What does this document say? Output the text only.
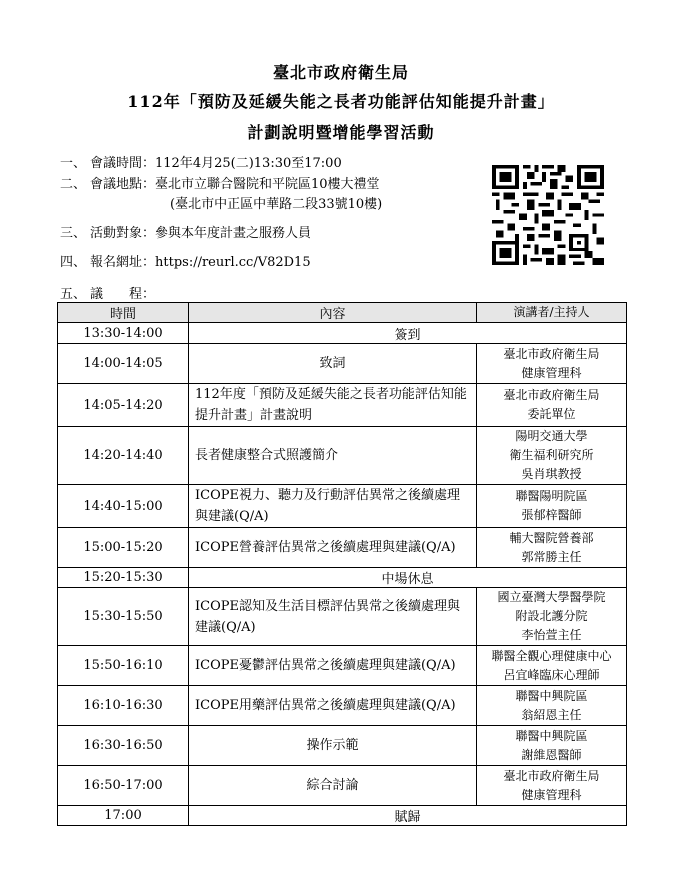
臺北市政府衛生局
112年「預防及延緩失能之長者功能評估知能提升計畫」
計劃說明暨增能學習活動
一、 會議時間：112年4月25(二)13:30至17:00
二、 會議地點：臺北市立聯合醫院和平院區10樓大禮堂
(臺北市中正區中華路二段33號10樓)
三、 活動對象：參與本年度計畫之服務人員
四、 報名網址：https://reurl.cc/V82D15
五、 議　　程：
時間	內容	演講者/主持人
13:30-14:00	簽到	
14:00-14:05	致詞	臺北市政府衛生局
健康管理科

14:05-14:20	112年度「預防及延緩失能之長者功能評估知能提升計畫」計畫說明	臺北市政府衛生局
委託單位

14:20-14:40	長者健康整合式照護簡介	陽明交通大學
衛生福利研究所
吳肖琪教授

14:40-15:00	ICOPE視力、聽力及行動評估異常之後續處理與建議(Q/A)	聯醫陽明院區
張郁梓醫師

15:00-15:20	ICOPE營養評估異常之後續處理與建議(Q/A)	輔大醫院營養部
郭常勝主任

15:20-15:30	中場休息	
15:30-15:50	ICOPE認知及生活目標評估異常之後續處理與建議(Q/A)	國立臺灣大學醫學院
附設北護分院
李怡萱主任

15:50-16:10	ICOPE憂鬱評估異常之後續處理與建議(Q/A)	聯醫全觀心理健康中心
呂宜峰臨床心理師

16:10-16:30	ICOPE用藥評估異常之後續處理與建議(Q/A)	聯醫中興院區
翁紹恩主任

16:30-16:50	操作示範	聯醫中興院區
謝維恩醫師

16:50-17:00	綜合討論	臺北市政府衛生局
健康管理科

17:00	賦歸	
